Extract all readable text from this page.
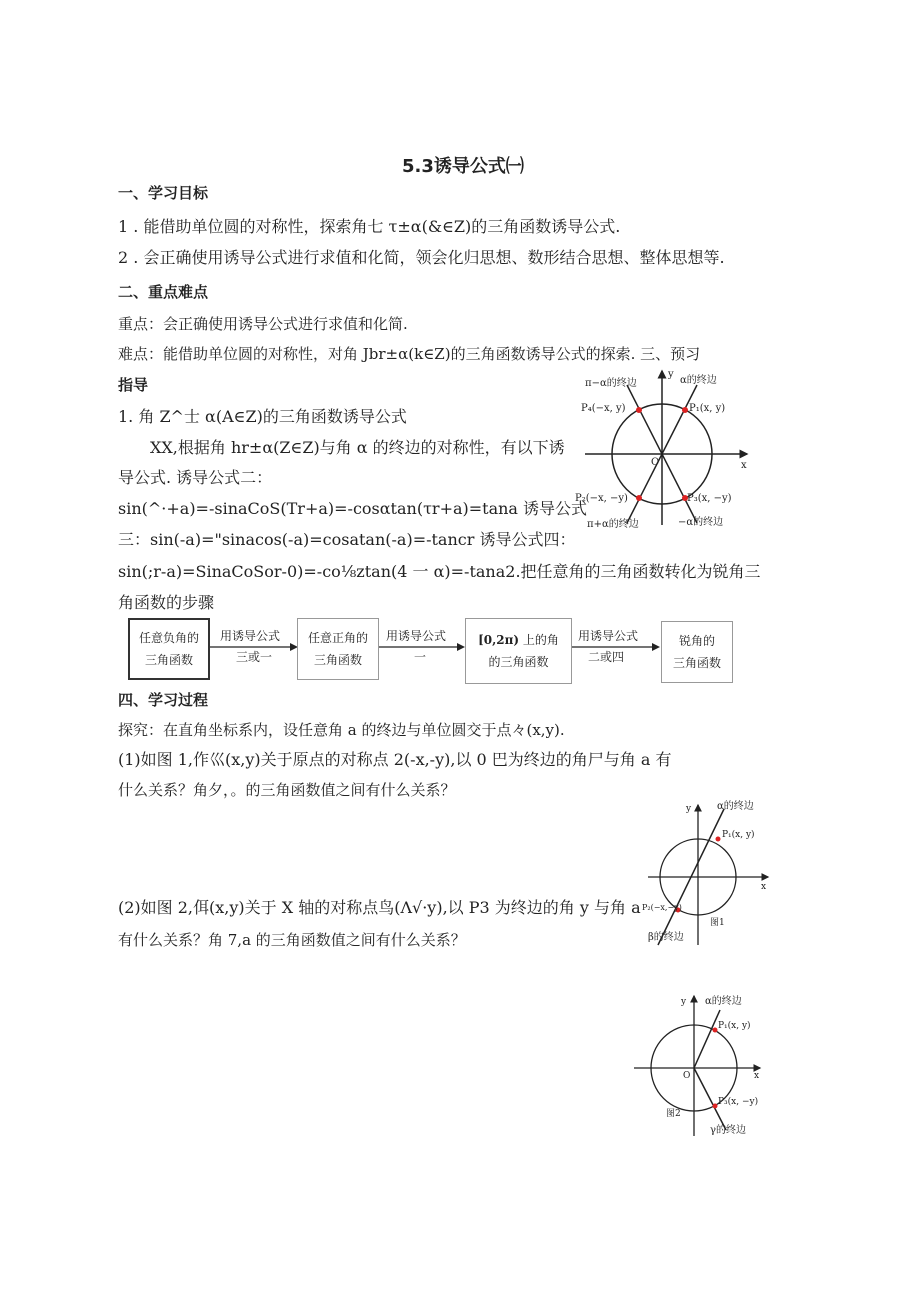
5.3诱导公式㈠
一、学习目标
1 . 能借助单位圆的对称性，探索角七 τ±α(&∈Z)的三角函数诱导公式.
2 . 会正确使用诱导公式进行求值和化简，领会化归思想、数形结合思想、整体思想等.
二、重点难点
重点：会正确使用诱导公式进行求值和化简.
难点：能借助单位圆的对称性，对角 Jbr±α(k∈Z)的三角函数诱导公式的探索. 三、预习
指导
1. 角 Z^士 α(A∈Z)的三角函数诱导公式
XX,根据角 hr±α(Z∈Z)与角 α 的终边的对称性，有以下诱
导公式. 诱导公式二：
sin(^·+a)=-sinaCoS(Tr+a)=-cosαtan(τr+a)=tana 诱导公式
三：sin(-a)="sinacos(-a)=cosatan(-a)=-tancr 诱导公式四：
sin(;r-a)=SinaCoSor-0)=-co⅛ztan(4 一 α)=-tana2.把任意角的三角函数转化为锐角三
角函数的步骤
π−α的终边	α的终边
P₄(−x, y)	P₁(x, y)
P₂(−x, −y)	P₃(x, −y)
π+α的终边	−α的终边
x
y
O
任意负角的
三角函数
用诱导公式
三或一
任意正角的
三角函数
用诱导公式
一
[0,2π) 上的角
的三角函数
用诱导公式
二或四
锐角的
三角函数
四、学习过程
探究：在直角坐标系内，设任意角 a 的终边与单位圆交于点々(x,y).
(1)如图 1,作巛(x,y)关于原点的对称点 2(-x,-y),以 0 巴为终边的角尸与角 a 有
什么关系？角夕，。的三角函数值之间有什么关系？
(2)如图 2,佴(x,y)关于 X 轴的对称点鸟(Λ√·y),以 P3 为终边的角 y 与角 a
有什么关系？角 7,a 的三角函数值之间有什么关系？
α的终边
P₁(x, y)
P₂(−x,−y)
β的终边
图1
x
y
α的终边
P₁(x, y)
P₃(x, −y)
γ的终边
图2
x
y
O
